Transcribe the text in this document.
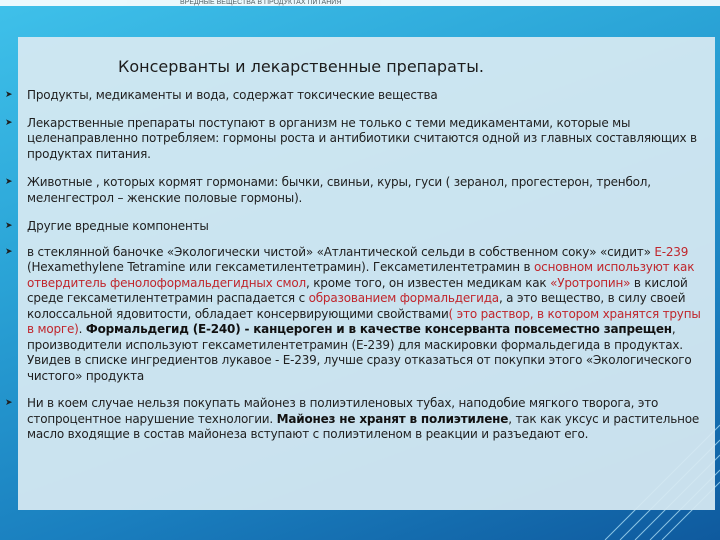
ВРЕДНЫЕ ВЕЩЕСТВА В ПРОДУКТАХ ПИТАНИЯ
Консерванты и лекарственные препараты.
➤ Продукты, медикаменты и вода, содержат токсические вещества
➤ Лекарственные препараты поступают в организм не только с теми медикаментами, которые мы целенаправленно потребляем: гормоны роста и антибиотики считаются одной из главных составляющих в продуктах питания.
➤ Животные , которых кормят гормонами: бычки, свиньи, куры, гуси ( зеранол, прогестерон, тренбол, меленгестрол – женские половые гормоны).
➤ Другие вредные компоненты
➤ в стеклянной баночке «Экологически чистой» «Атлантической сельди в собственном соку» «сидит» Е-239 (Hexamethylene Tetramine или гексаметилентетрамин). Гексаметилентетрамин в основном используют как отвердитель фенолоформальдегидных смол, кроме того, он известен медикам как «Уротропин» в кислой среде гексаметилентетрамин распадается с образованием формальдегида, а это вещество, в силу своей колоссальной ядовитости, обладает консервирующими свойствами( это раствор, в котором хранятся трупы в морге). Формальдегид (Е-240) - канцероген и в качестве консерванта повсеместно запрещен, производители используют гексаметилентетрамин (Е-239) для маскировки формальдегида в продуктах. Увидев в списке ингредиентов лукавое - Е-239, лучше сразу отказаться от покупки этого «Экологического чистого» продукта
➤ Ни в коем случае нельзя покупать майонез в полиэтиленовых тубах, наподобие мягкого творога, это стопроцентное нарушение технологии. Майонез не хранят в полиэтилене, так как уксус и растительное масло входящие в состав майонеза вступают с полиэтиленом в реакции и разъедают его.
